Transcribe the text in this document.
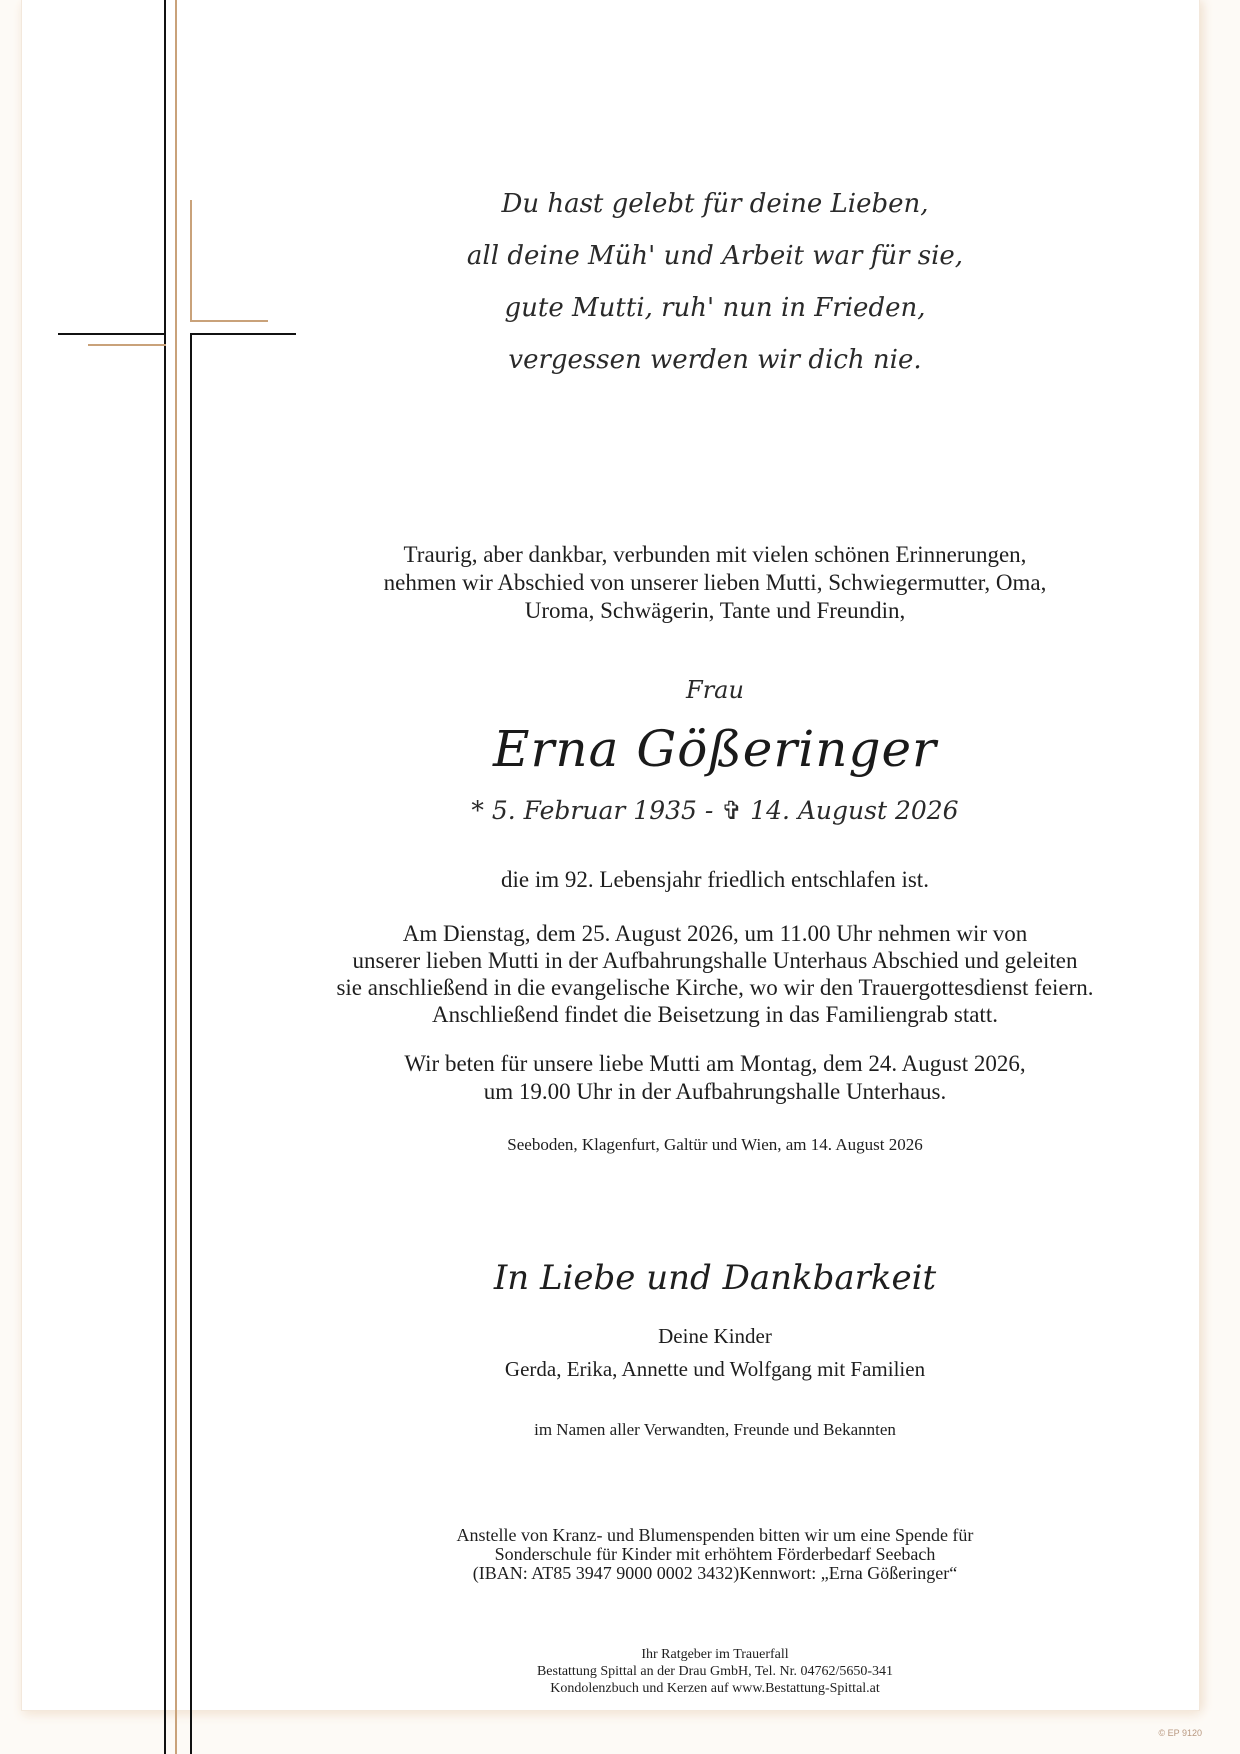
Du hast gelebt für deine Lieben,
all deine Müh' und Arbeit war für sie,
gute Mutti, ruh' nun in Frieden,
vergessen werden wir dich nie.
Traurig, aber dankbar, verbunden mit vielen schönen Erinnerungen,
nehmen wir Abschied von unserer lieben Mutti, Schwiegermutter, Oma,
Uroma, Schwägerin, Tante und Freundin,
Frau
Erna Gößeringer
* 5. Februar 1935 - ✞ 14. August 2026
die im 92. Lebensjahr friedlich entschlafen ist.
Am Dienstag, dem 25. August 2026, um 11.00 Uhr nehmen wir von
unserer lieben Mutti in der Aufbahrungshalle Unterhaus Abschied und geleiten
sie anschließend in die evangelische Kirche, wo wir den Trauergottesdienst feiern.
Anschließend findet die Beisetzung in das Familiengrab statt.
Wir beten für unsere liebe Mutti am Montag, dem 24. August 2026,
um 19.00 Uhr in der Aufbahrungshalle Unterhaus.
Seeboden, Klagenfurt, Galtür und Wien, am 14. August 2026
In Liebe und Dankbarkeit
Deine Kinder
Gerda, Erika, Annette und Wolfgang mit Familien
im Namen aller Verwandten, Freunde und Bekannten
Anstelle von Kranz- und Blumenspenden bitten wir um eine Spende für
Sonderschule für Kinder mit erhöhtem Förderbedarf Seebach
(IBAN: AT85 3947 9000 0002 3432)Kennwort: „Erna Gößeringer“
Ihr Ratgeber im Trauerfall
Bestattung Spittal an der Drau GmbH, Tel. Nr. 04762/5650-341
Kondolenzbuch und Kerzen auf www.Bestattung-Spittal.at
© EP 9120
